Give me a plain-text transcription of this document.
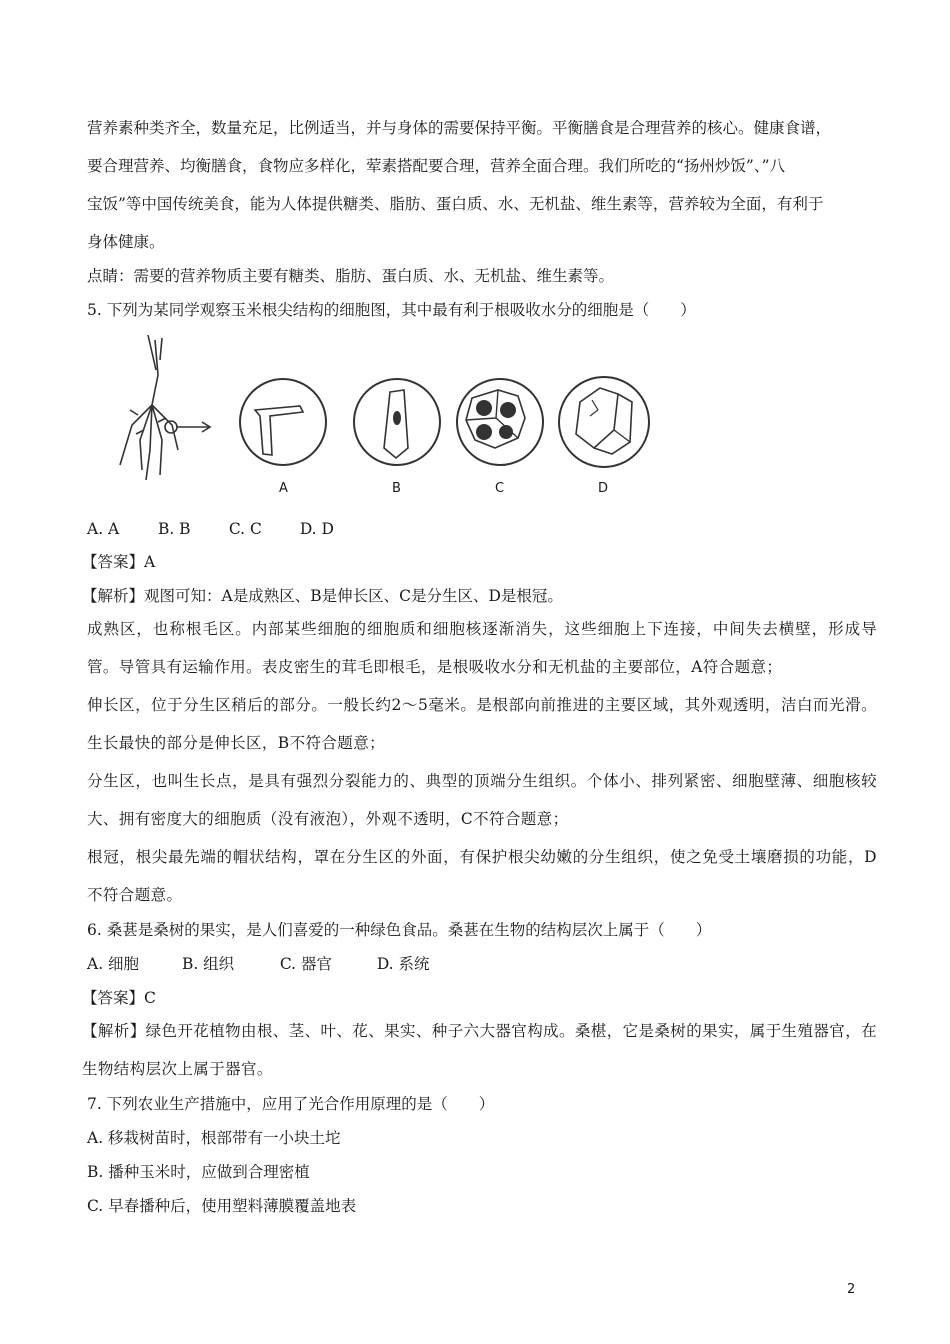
营养素种类齐全，数量充足，比例适当，并与身体的需要保持平衡。平衡膳食是合理营养的核心。健康食谱，
要合理营养、均衡膳食，食物应多样化，荤素搭配要合理，营养全面合理。我们所吃的“扬州炒饭”、”八
宝饭”等中国传统美食，能为人体提供糖类、脂肪、蛋白质、水、无机盐、维生素等，营养较为全面，有利于
身体健康。
点睛：需要的营养物质主要有糖类、脂肪、蛋白质、水、无机盐、维生素等。
5. 下列为某同学观察玉米根尖结构的细胞图，其中最有利于根吸收水分的细胞是（　　）
A	B	C	D
A. A B. B C. C D. D
【答案】A
【解析】观图可知：A是成熟区、B是伸长区、C是分生区、D是根冠。
成熟区，也称根毛区。内部某些细胞的细胞质和细胞核逐渐消失，这些细胞上下连接，中间失去横壁，形成导管。导管具有运输作用。表皮密生的茸毛即根毛，是根吸收水分和无机盐的主要部位，A符合题意；
伸长区，位于分生区稍后的部分。一般长约2～5毫米。是根部向前推进的主要区域，其外观透明，洁白而光滑。 生长最快的部分是伸长区，B不符合题意；
分生区，也叫生长点，是具有强烈分裂能力的、典型的顶端分生组织。个体小、排列紧密、细胞壁薄、细胞核较大、拥有密度大的细胞质（没有液泡），外观不透明，C不符合题意；
根冠，根尖最先端的帽状结构，罩在分生区的外面，有保护根尖幼嫩的分生组织，使之免受土壤磨损的功能，D不符合题意。
6. 桑葚是桑树的果实，是人们喜爱的一种绿色食品。桑葚在生物的结构层次上属于（　　）
A. 细胞	B. 组织	C. 器官	D. 系统
【答案】C
【解析】绿色开花植物由根、茎、叶、花、果实、种子六大器官构成。桑椹，它是桑树的果实，属于生殖器官，在生物结构层次上属于器官。
7. 下列农业生产措施中，应用了光合作用原理的是（　　）
A. 移栽树苗时，根部带有一小块土坨
B. 播种玉米时，应做到合理密植
C. 早春播种后，使用塑料薄膜覆盖地表
2
